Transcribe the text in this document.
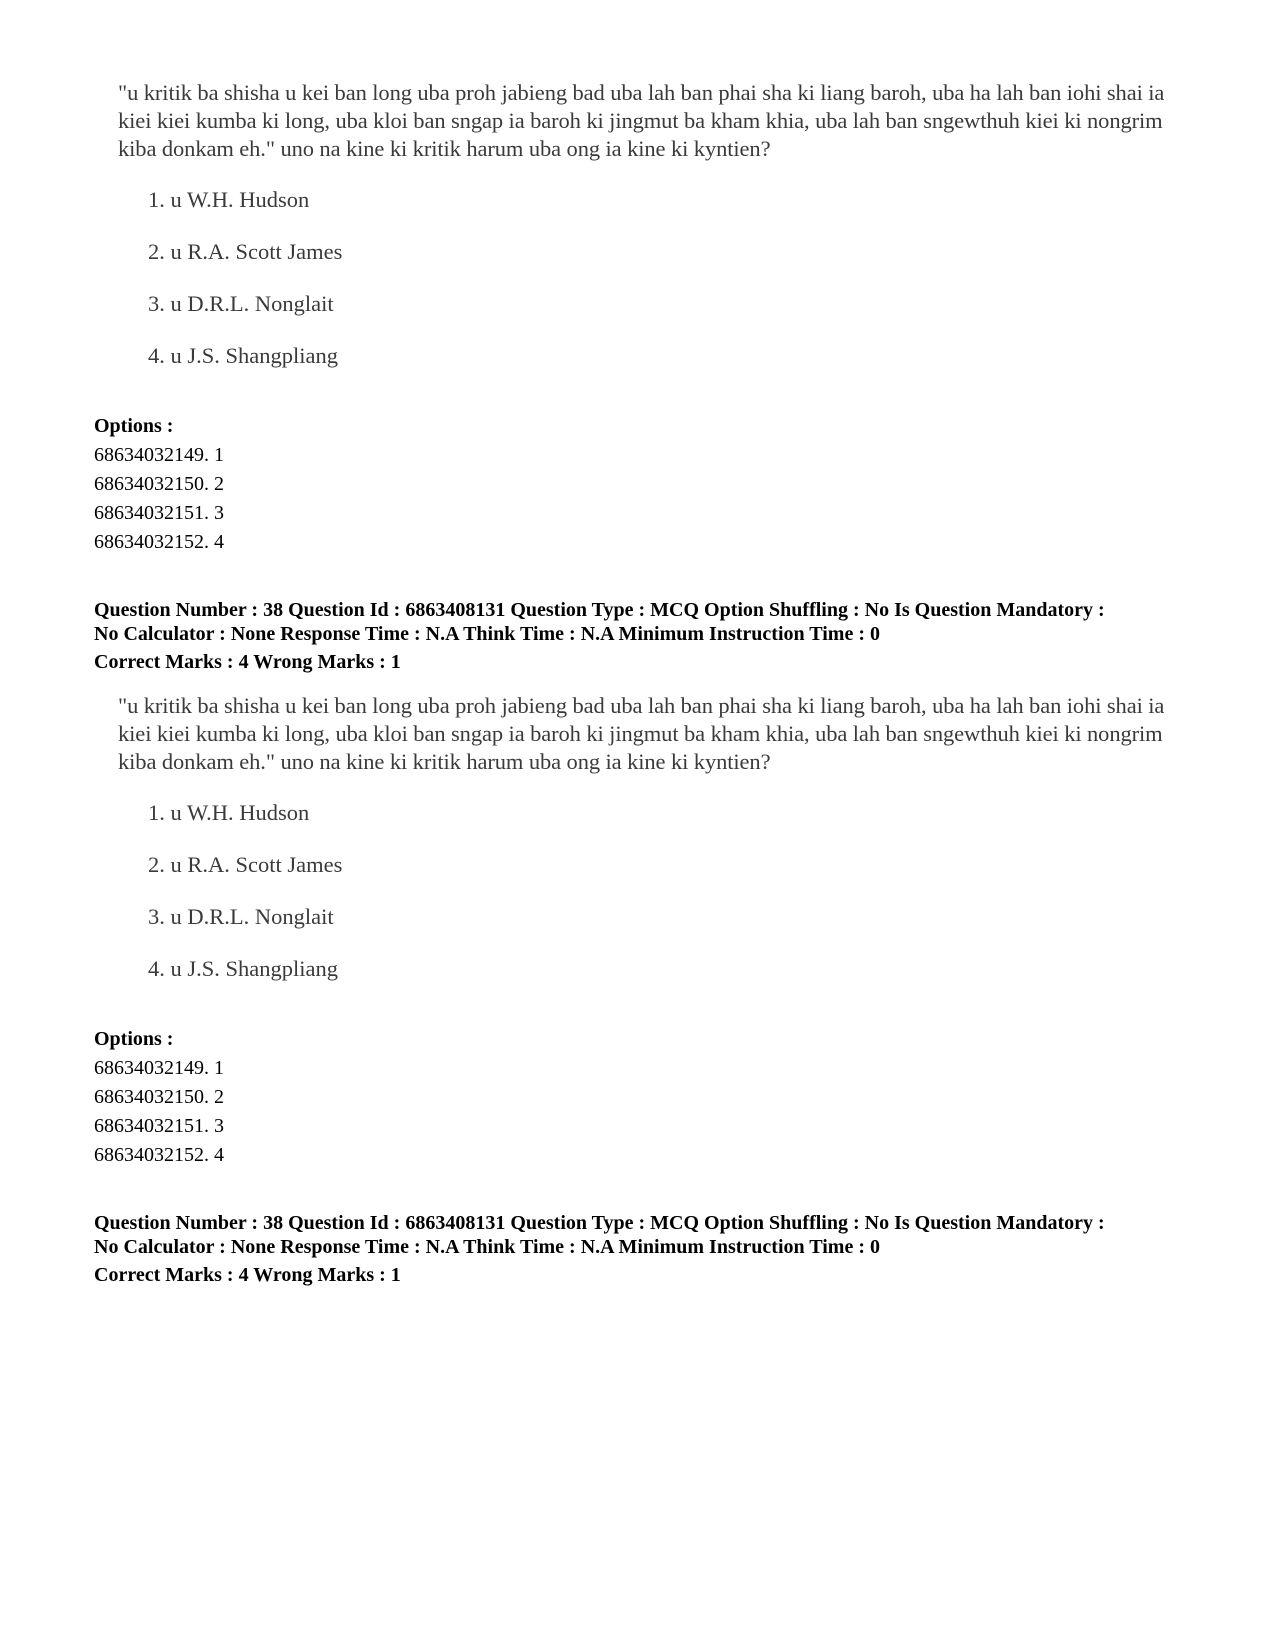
"u kritik ba shisha u kei ban long uba proh jabieng bad uba lah ban phai sha ki liang baroh, uba ha lah ban iohi shai ia kiei kiei kumba ki long, uba kloi ban sngap ia baroh ki jingmut ba kham khia, uba lah ban sngewthuh kiei ki nongrim kiba donkam eh." uno na kine ki kritik harum uba ong ia kine ki kyntien?

1. u W.H. Hudson
2. u R.A. Scott James
3. u D.R.L. Nonglait
4. u J.S. Shangpliang
Options :
68634032149. 1
68634032150. 2
68634032151. 3
68634032152. 4
Question Number : 38 Question Id : 6863408131 Question Type : MCQ Option Shuffling : No Is Question Mandatory :
No Calculator : None Response Time : N.A Think Time : N.A Minimum Instruction Time : 0
Correct Marks : 4 Wrong Marks : 1

"u kritik ba shisha u kei ban long uba proh jabieng bad uba lah ban phai sha ki liang baroh, uba ha lah ban iohi shai ia kiei kiei kumba ki long, uba kloi ban sngap ia baroh ki jingmut ba kham khia, uba lah ban sngewthuh kiei ki nongrim kiba donkam eh." uno na kine ki kritik harum uba ong ia kine ki kyntien?

1. u W.H. Hudson
2. u R.A. Scott James
3. u D.R.L. Nonglait
4. u J.S. Shangpliang
Options :
68634032149. 1
68634032150. 2
68634032151. 3
68634032152. 4
Question Number : 38 Question Id : 6863408131 Question Type : MCQ Option Shuffling : No Is Question Mandatory :
No Calculator : None Response Time : N.A Think Time : N.A Minimum Instruction Time : 0
Correct Marks : 4 Wrong Marks : 1
